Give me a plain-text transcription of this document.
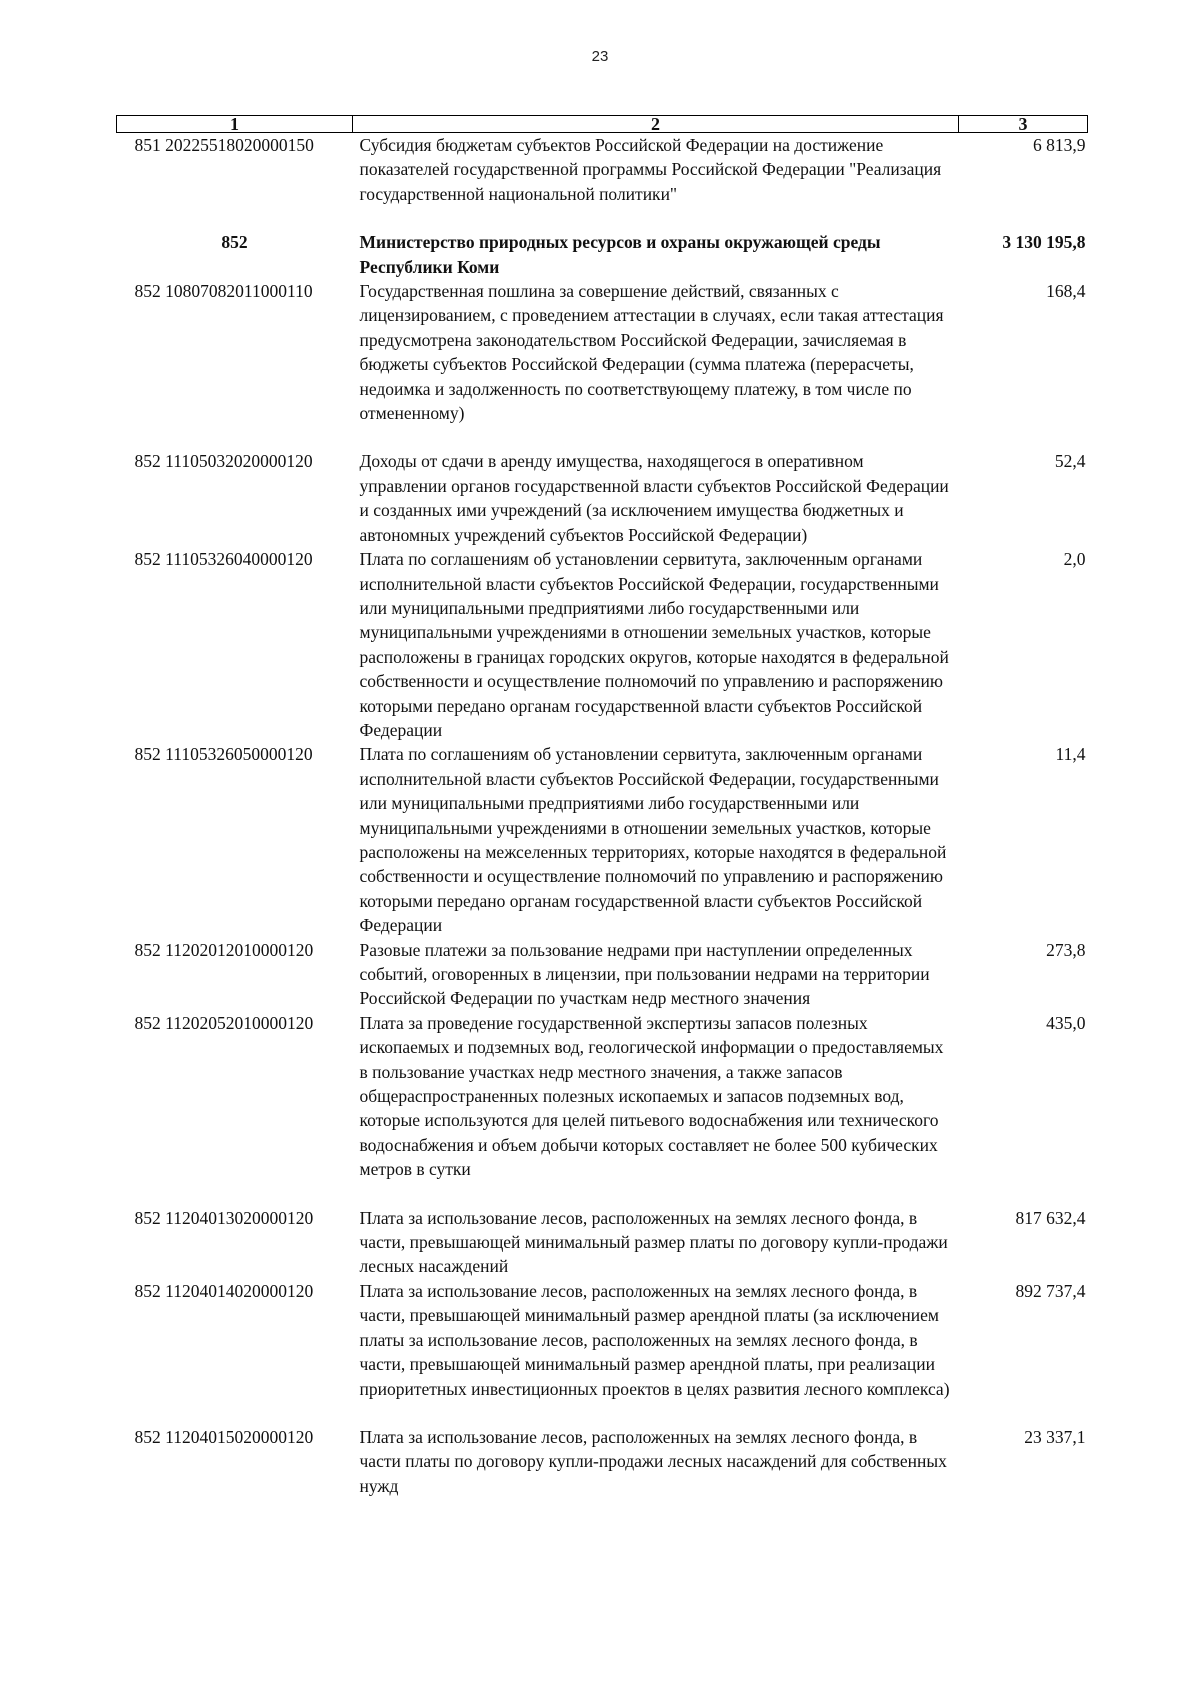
23
1	2	3
851 20225518020000150	Субсидия бюджетам субъектов Российской Федерации на достижение показателей государственной программы Российской Федерации "Реализация государственной национальной политики"	6 813,9
852	Министерство природных ресурсов и охраны окружающей среды Республики Коми	3 130 195,8
852 10807082011000110	Государственная пошлина за совершение действий, связанных с лицензированием, с проведением аттестации в случаях, если такая аттестация предусмотрена законодательством Российской Федерации, зачисляемая в бюджеты субъектов Российской Федерации (сумма платежа (перерасчеты, недоимка и задолженность по соответствующему платежу, в том числе по отмененному)	168,4
852 11105032020000120	Доходы от сдачи в аренду имущества, находящегося в оперативном управлении органов государственной власти субъектов Российской Федерации и созданных ими учреждений (за исключением имущества бюджетных и автономных учреждений субъектов Российской Федерации)	52,4
852 11105326040000120	Плата по соглашениям об установлении сервитута, заключенным органами исполнительной власти субъектов Российской Федерации, государственными или муниципальными предприятиями либо государственными или муниципальными учреждениями в отношении земельных участков, которые расположены в границах городских округов, которые находятся в федеральной собственности и осуществление полномочий по управлению и распоряжению которыми передано органам государственной власти субъектов Российской Федерации	2,0
852 11105326050000120	Плата по соглашениям об установлении сервитута, заключенным органами исполнительной власти субъектов Российской Федерации, государственными или муниципальными предприятиями либо государственными или муниципальными учреждениями в отношении земельных участков, которые расположены на межселенных территориях, которые находятся в федеральной собственности и осуществление полномочий по управлению и распоряжению которыми передано органам государственной власти субъектов Российской Федерации	11,4
852 11202012010000120	Разовые платежи за пользование недрами при наступлении определенных событий, оговоренных в лицензии, при пользовании недрами на территории Российской Федерации по участкам недр местного значения	273,8
852 11202052010000120	Плата за проведение государственной экспертизы запасов полезных ископаемых и подземных вод, геологической информации о предоставляемых в пользование участках недр местного значения, а также запасов общераспространенных полезных ископаемых и запасов подземных вод, которые используются для целей питьевого водоснабжения или технического водоснабжения и объем добычи которых составляет не более 500 кубических метров в сутки	435,0
852 11204013020000120	Плата за использование лесов, расположенных на землях лесного фонда, в части, превышающей минимальный размер платы по договору купли-продажи лесных насаждений	817 632,4
852 11204014020000120	Плата за использование лесов, расположенных на землях лесного фонда, в части, превышающей минимальный размер арендной платы (за исключением платы за использование лесов, расположенных на землях лесного фонда, в части, превышающей минимальный размер арендной платы, при реализации приоритетных инвестиционных проектов в целях развития лесного комплекса)	892 737,4
852 11204015020000120	Плата за использование лесов, расположенных на землях лесного фонда, в части платы по договору купли-продажи лесных насаждений для собственных нужд	23 337,1
